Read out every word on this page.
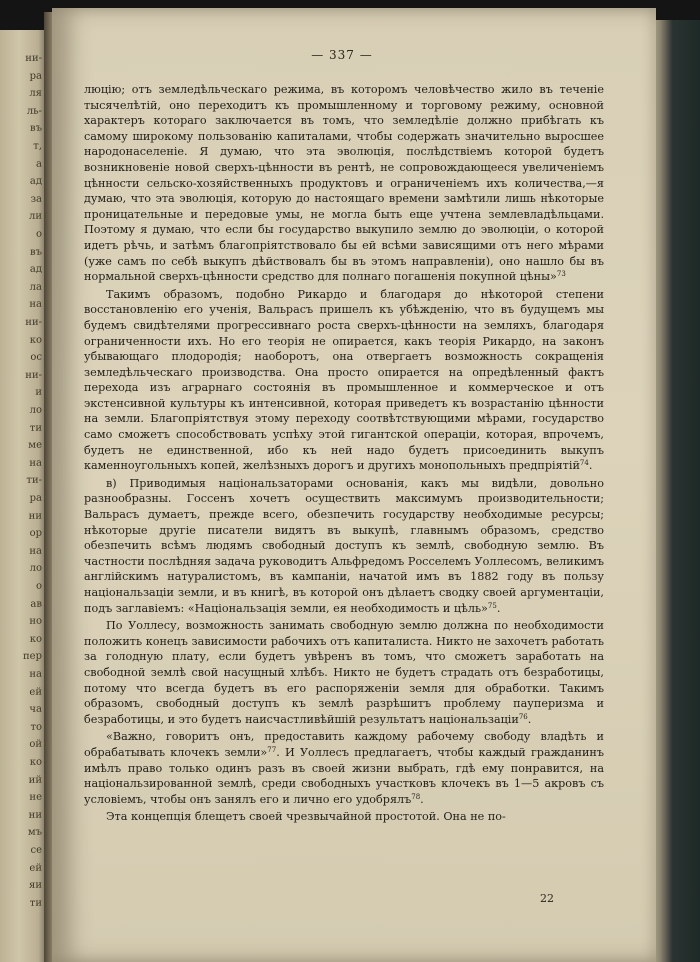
ни-
ра
ля
ль-
въ
т,
а
ад
за
ли
о
въ
ад
ла
на
ни-
ко
ос
ни-
и
ло
ти
ме
на
ти-
ра
ни
ор
на
ло
о
ав
но
ко
пер
на
ей
ча
то
ой
ко
ий
не
ни
мъ
се
ей
яи
ти
— 337 —

люцію; отъ земледѣльческаго режима, въ которомъ человѣчество жило въ теченіе тысячелѣтій, оно переходитъ къ промышленному и торговому режиму, основной характеръ котораго заключается въ томъ, что земледѣліе должно прибѣгать къ самому широкому пользованію капиталами, чтобы содержать значительно выросшее народонаселеніе. Я думаю, что эта эволюція, послѣдствіемъ которой будетъ возникновеніе новой сверхъ-цѣнности въ рентѣ, не сопровождающееся увеличеніемъ цѣнности сельско-хозяйственныхъ продуктовъ и ограниченіемъ ихъ количества,—я думаю, что эта эволюція, которую до настоящаго времени замѣтили лишь нѣкоторые проницательные и передовые умы, не могла быть еще учтена землевладѣльцами. Поэтому я думаю, что если бы государство выкупило землю до эволюціи, о которой идетъ рѣчь, и затѣмъ благопріятствовало бы ей всѣми зависящими отъ него мѣрами (уже самъ по себѣ выкупъ дѣйствовалъ бы въ этомъ направленіи), оно нашло бы въ нормальной сверхъ-цѣнности средство для полнаго погашенія покупной цѣны»$^{73}$

Такимъ образомъ, подобно Рикардо и благодаря до нѣкоторой степени восстановленію его ученія, Вальрасъ пришелъ къ убѣжденію, что въ будущемъ мы будемъ свидѣтелями прогрессивнаго роста сверхъ-цѣнности на земляхъ, благодаря ограниченности ихъ. Но его теорія не опирается, какъ теорія Рикардо, на законъ убывающаго плодородія; наоборотъ, она отвергаетъ возможность сокращенія земледѣльческаго производства. Она просто опирается на опредѣленный фактъ перехода изъ аграрнаго состоянія въ промышленное и коммерческое и отъ экстенсивной культуры къ интенсивной, которая приведетъ къ возрастанію цѣнности на земли. Благопріятствуя этому переходу соотвѣтствующими мѣрами, государство само сможетъ способствовать успѣху этой гигантской операціи, которая, впрочемъ, будетъ не единственной, ибо къ ней надо будетъ присоединить выкупъ каменноугольныхъ копей, желѣзныхъ дорогъ и другихъ монопольныхъ предпріятій$^{74}$.

в) Приводимыя національзаторами основанія, какъ мы видѣли, довольно разнообразны. Госсенъ хочетъ осуществить максимумъ производительности; Вальрасъ думаетъ, прежде всего, обезпечить государству необходимые ресурсы; нѣкоторые другіе писатели видятъ въ выкупѣ, главнымъ образомъ, средство обезпечить всѣмъ людямъ свободный доступъ къ землѣ, свободную землю. Въ частности послѣдняя задача руководитъ Альфредомъ Росселемъ Уоллесомъ, великимъ англійскимъ натуралистомъ, въ кампаніи, начатой имъ въ 1882 году въ пользу національзаціи земли, и въ книгѣ, въ которой онъ дѣлаетъ сводку своей аргументаціи, подъ заглавіемъ: «Національзація земли, ея необходимость и цѣль»$^{75}$.

По Уоллесу, возможность занимать свободную землю должна по необходимости положить конецъ зависимости рабочихъ отъ капиталиста. Никто не захочетъ работать за голодную плату, если будетъ увѣренъ въ томъ, что сможетъ заработать на свободной землѣ свой насущный хлѣбъ. Никто не будетъ страдать отъ безработицы, потому что всегда будетъ въ его распоряженіи земля для обработки. Такимъ образомъ, свободный доступъ къ землѣ разрѣшитъ проблему пауперизма и безработицы, и это будетъ наисчастливѣйшій результатъ національзаціи$^{76}$.

«Важно, говоритъ онъ, предоставить каждому рабочему свободу владѣть и обрабатывать клочекъ земли»$^{77}$. И Уоллесъ предлагаетъ, чтобы каждый гражданинъ имѣлъ право только одинъ разъ въ своей жизни выбрать, гдѣ ему понравится, на національзированной землѣ, среди свободныхъ участковъ клочекъ въ 1—5 акровъ съ условіемъ, чтобы онъ занялъ его и лично его удобрялъ$^{78}$.

Эта концепція блещетъ своей чрезвычайной простотой. Она не по-

22
